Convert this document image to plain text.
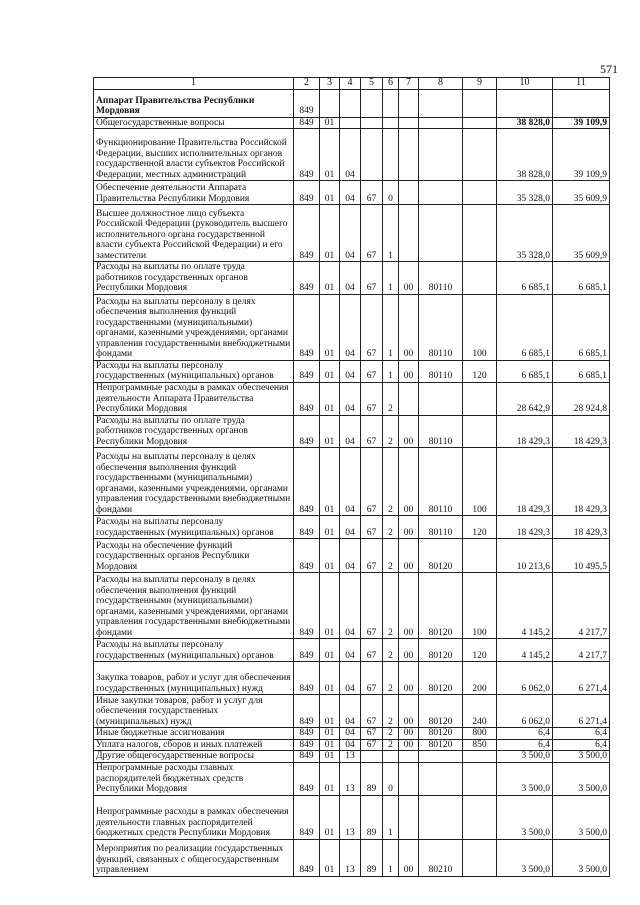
571
1	2	3	4	5	6	7	8	9	10	11
Аппарат Правительства Республики Мордовия	849									
Общегосударственные вопросы	849	01							38 828,0	39 109,9
Функционирование Правительства Российской Федерации, высших исполнительных органов государственной власти субъектов Российской Федерации, местных администраций	849	01	04						38 828,0	39 109,9
Обеспечение деятельности Аппарата Правительства Республики Мордовия	849	01	04	67	0				35 328,0	35 609,9
Высшее должностное лицо субъекта Российской Федерации (руководитель высшего исполнительного органа государственной власти субъекта Российской Федерации) и его заместители	849	01	04	67	1				35 328,0	35 609,9
Расходы на выплаты по оплате труда работников государственных органов Республики Мордовия	849	01	04	67	1	00	80110		6 685,1	6 685,1
Расходы на выплаты персоналу в целях обеспечения выполнения функций государственными (муниципальными) органами, казенными учреждениями, органами управления государственными внебюджетными фондами	849	01	04	67	1	00	80110	100	6 685,1	6 685,1
Расходы на выплаты персоналу государственных (муниципальных) органов	849	01	04	67	1	00	80110	120	6 685,1	6 685,1
Непрограммные расходы в рамках обеспечения деятельности Аппарата Правительства Республики Мордовия	849	01	04	67	2				28 642,9	28 924,8
Расходы на выплаты по оплате труда работников государственных органов Республики Мордовия	849	01	04	67	2	00	80110		18 429,3	18 429,3
Расходы на выплаты персоналу в целях обеспечения выполнения функций государственными (муниципальными) органами, казенными учреждениями, органами управления государственными внебюджетными фондами	849	01	04	67	2	00	80110	100	18 429,3	18 429,3
Расходы на выплаты персоналу государственных (муниципальных) органов	849	01	04	67	2	00	80110	120	18 429,3	18 429,3
Расходы на обеспечение функций государственных органов Республики Мордовия	849	01	04	67	2	00	80120		10 213,6	10 495,5
Расходы на выплаты персоналу в целях обеспечения выполнения функций государственными (муниципальными) органами, казенными учреждениями, органами управления государственными внебюджетными фондами	849	01	04	67	2	00	80120	100	4 145,2	4 217,7
Расходы на выплаты персоналу государственных (муниципальных) органов	849	01	04	67	2	00	80120	120	4 145,2	4 217,7
Закупка товаров, работ и услуг для обеспечения государственных (муниципальных) нужд	849	01	04	67	2	00	80120	200	6 062,0	6 271,4
Иные закупки товаров, работ и услуг для обеспечения государственных (муниципальных) нужд	849	01	04	67	2	00	80120	240	6 062,0	6 271,4
Иные бюджетные ассигнования	849	01	04	67	2	00	80120	800	6,4	6,4
Уплата налогов, сборов и иных платежей	849	01	04	67	2	00	80120	850	6,4	6,4
Другие общегосударственные вопросы	849	01	13						3 500,0	3 500,0
Непрограммные расходы главных распорядителей бюджетных средств Республики Мордовия	849	01	13	89	0				3 500,0	3 500,0
Непрограммные расходы в рамках обеспечения деятельности главных распорядителей бюджетных средств Республики Мордовия	849	01	13	89	1				3 500,0	3 500,0
Мероприятия по реализации государственных функций, связанных с общегосударственным управлением	849	01	13	89	1	00	80210		3 500,0	3 500,0
